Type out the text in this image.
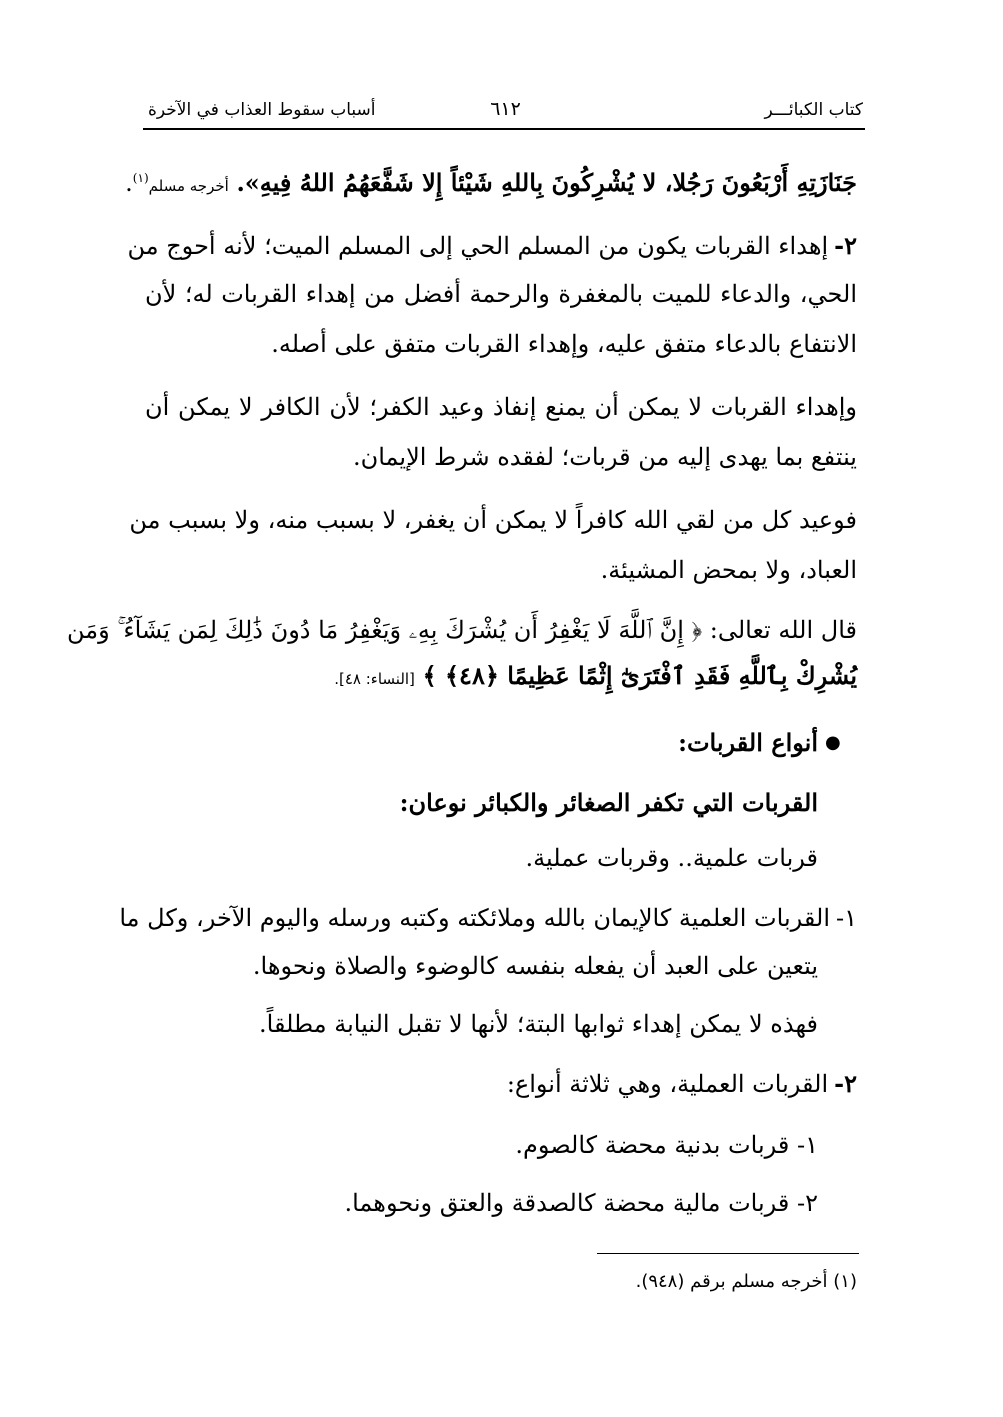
كتاب الكبائـــر
٦١٢
أسباب سقوط العذاب في الآخرة
جَنَازَتِهِ أَرْبَعُونَ رَجُلا، لا يُشْرِكُونَ بِاللهِ شَيْئاً إِلا شَفَّعَهُمُ اللهُ فِيهِ». أخرجه مسلم$^{(١)}$.
٢-إهداء القربات يكون من المسلم الحي إلى المسلم الميت؛ لأنه أحوج من
الحي، والدعاء للميت بالمغفرة والرحمة أفضل من إهداء القربات له؛ لأن
الانتفاع بالدعاء متفق عليه، وإهداء القربات متفق على أصله.
وإهداء القربات لا يمكن أن يمنع إنفاذ وعيد الكفر؛ لأن الكافر لا يمكن أن
ينتفع بما يهدى إليه من قربات؛ لفقده شرط الإيمان.
فوعيد كل من لقي الله كافراً لا يمكن أن يغفر، لا بسبب منه، ولا بسبب من
العباد، ولا بمحض المشيئة.
قال الله تعالى: ﴿ إِنَّ ٱللَّهَ لَا يَغْفِرُ أَن يُشْرَكَ بِهِۦ وَيَغْفِرُ مَا دُونَ ذَٰلِكَ لِمَن يَشَآءُ ۚ وَمَن
يُشْرِكْ بِٱللَّهِ فَقَدِ ٱفْتَرَىٰٓ إِثْمًا عَظِيمًا ﴿٤٨﴾ ﴾ [النساء: ٤٨].
أنواع القربات: ●
القربات التي تكفر الصغائر والكبائر نوعان:
قربات علمية.. وقربات عملية.
١-القربات العلمية كالإيمان بالله وملائكته وكتبه ورسله واليوم الآخر، وكل ما
يتعين على العبد أن يفعله بنفسه كالوضوء والصلاة ونحوها.
فهذه لا يمكن إهداء ثوابها البتة؛ لأنها لا تقبل النيابة مطلقاً.
٢-القربات العملية، وهي ثلاثة أنواع:
١- قربات بدنية محضة كالصوم.
٢- قربات مالية محضة كالصدقة والعتق ونحوهما.
(١) أخرجه مسلم برقم (٩٤٨).
